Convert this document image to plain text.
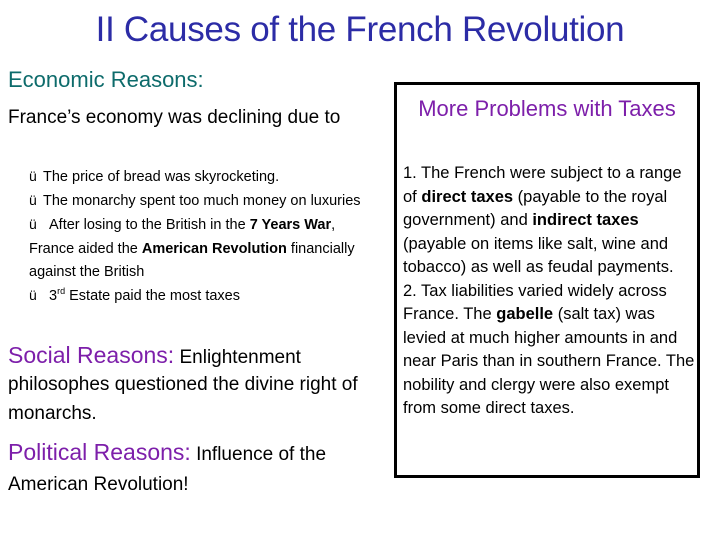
II Causes of the French Revolution
Economic Reasons:
France’s economy was declining due to
ü The price of bread was skyrocketing.
ü The monarchy spent too much money on luxuries
ü After losing to the British in the 7 Years War, France aided the American Revolution financially against the British
ü 3rd Estate paid the most taxes
Social Reasons: Enlightenment
philosophes questioned the divine right of monarchs.
Political Reasons: Influence of the
American Revolution!
More Problems with Taxes
1. The French were subject to a range of direct taxes (payable to the royal government) and indirect taxes (payable on items like salt, wine and tobacco) as well as feudal payments.
2. Tax liabilities varied widely across France. The gabelle (salt tax) was levied at much higher amounts in and near Paris than in southern France. The nobility and clergy were also exempt from some direct taxes.
